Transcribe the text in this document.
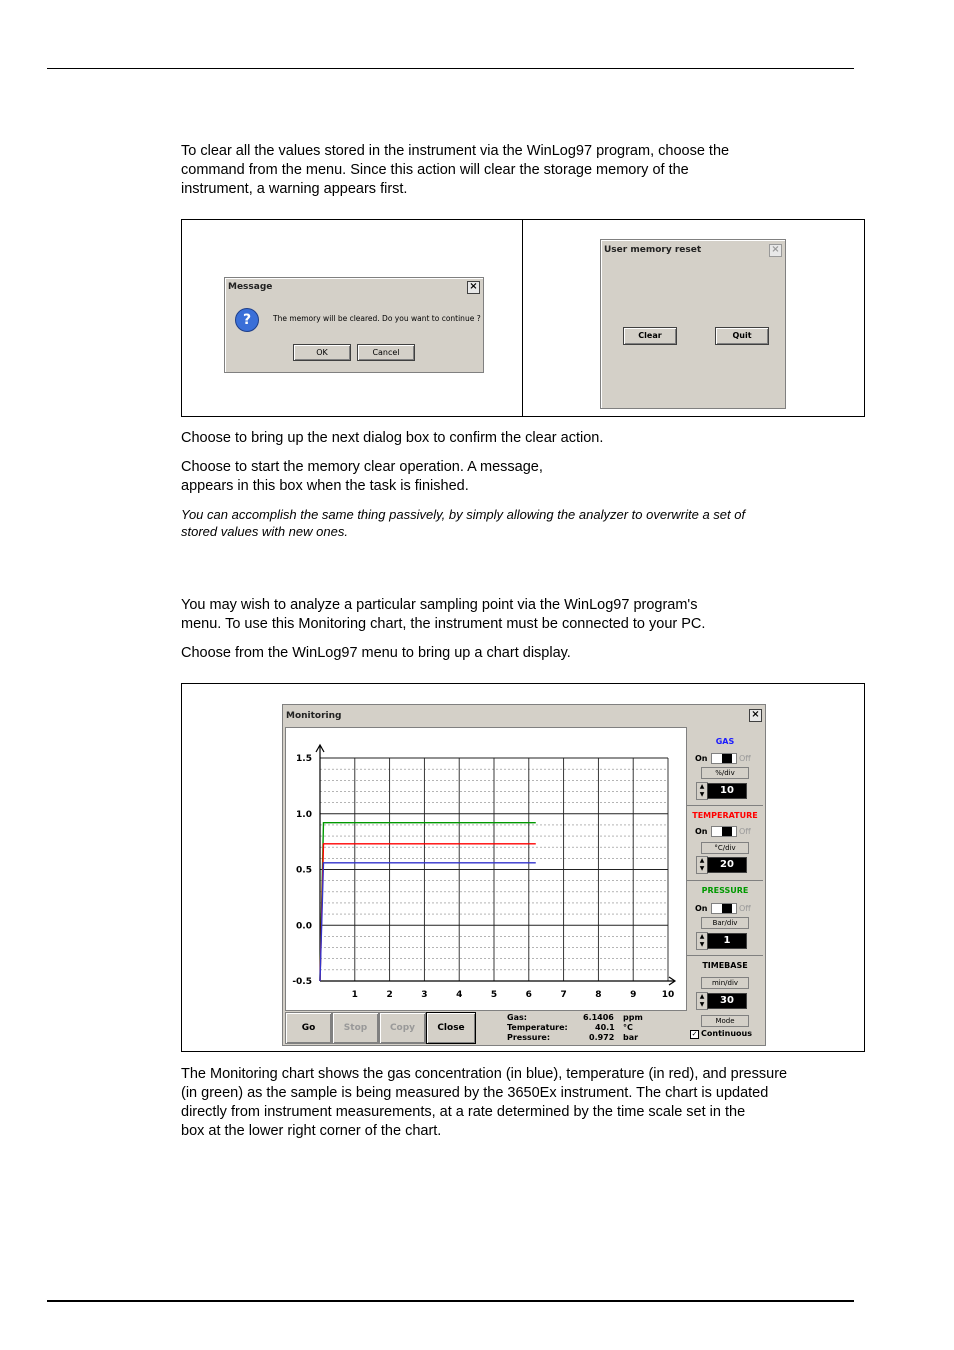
To clear all the values stored in the instrument via the WinLog97 program, choose the
command from the menu. Since this action will clear the storage memory of the
instrument, a warning appears first.

Message	×
?	The memory will be cleared. Do you want to continue ?
OK	Cancel
User memory reset	×
Clear	Quit

Choose to bring up the next dialog box to confirm the clear action.

Choose to start the memory clear operation. A message,
appears in this box when the task is finished.

You can accomplish the same thing passively, by simply allowing the analyzer to overwrite a set of
stored values with new ones.

You may wish to analyze a particular sampling point via the WinLog97 program's
menu. To use this Monitoring chart, the instrument must be connected to your PC.

Choose from the WinLog97 menu to bring up a chart display.

Monitoring	×
1.5
1.0
0.5
0.0
-0.5
1	2	3	4	5	6	7	8	9	10
GAS
On	Off
%/div
▲
▼	10
TEMPERATURE
On	Off
°C/div
▲
▼	20
PRESSURE
On	Off
Bar/div
▲
▼	1
TIMEBASE
min/div
▲
▼	30
Mode
✓ Continuous
Go	Stop	Copy	Close
Gas:	6.1406 ppm
Temperature:	40.1 °C
Pressure:	0.972 bar

The Monitoring chart shows the gas concentration (in blue), temperature (in red), and pressure
(in green) as the sample is being measured by the 3650Ex instrument. The chart is updated
directly from instrument measurements, at a rate determined by the time scale set in the
box at the lower right corner of the chart.
